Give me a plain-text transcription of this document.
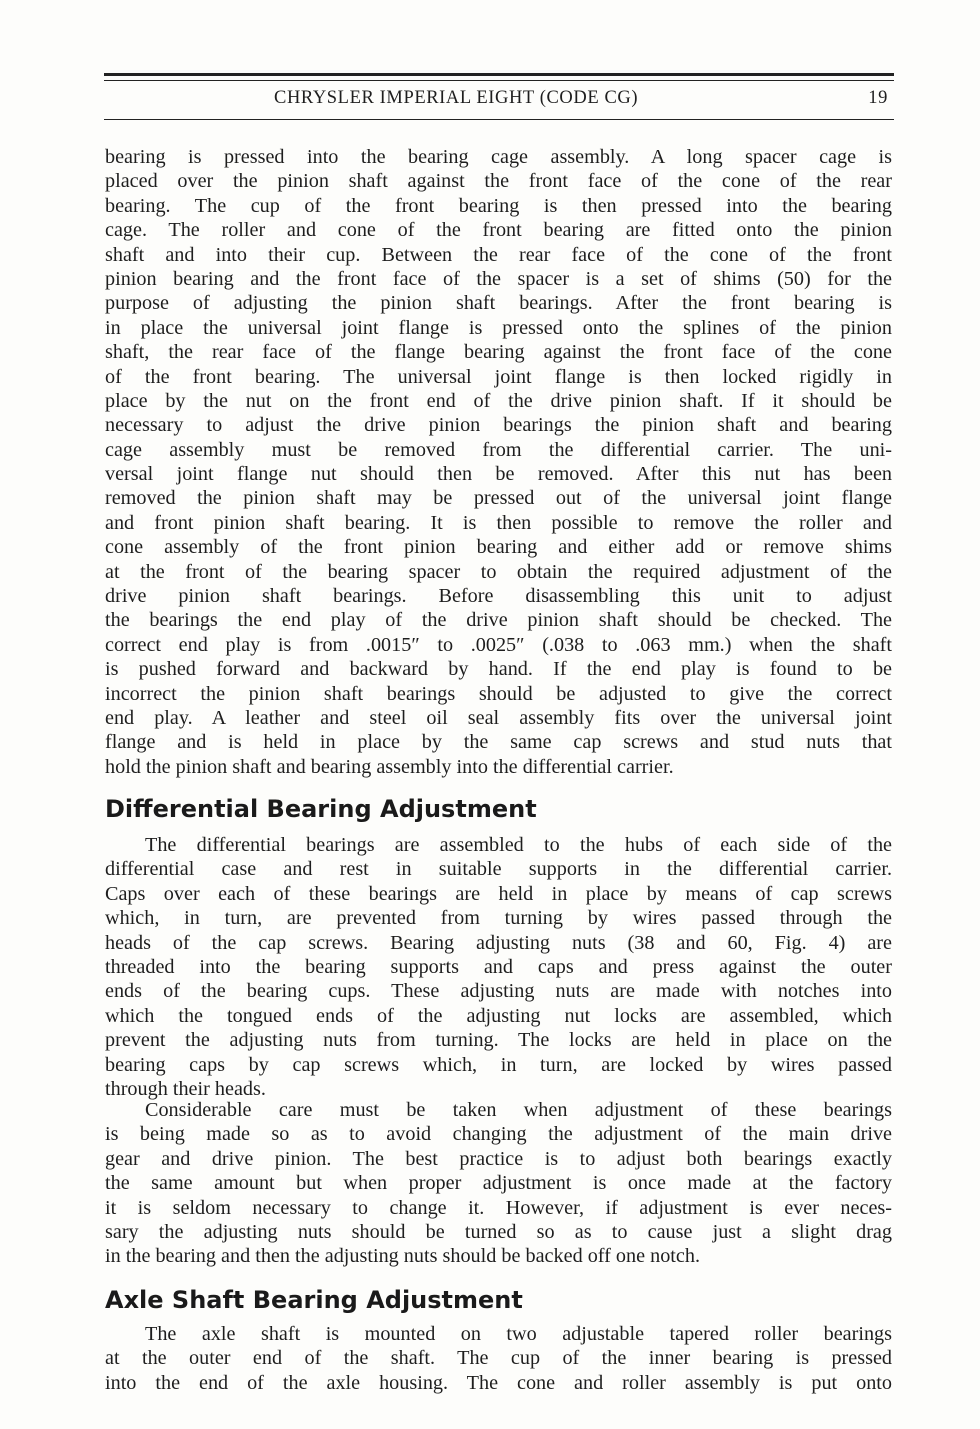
CHRYSLER IMPERIAL EIGHT (CODE CG)	19
bearing is pressed into the bearing cage assembly. A long spacer cage is
placed over the pinion shaft against the front face of the cone of the rear
bearing. The cup of the front bearing is then pressed into the bearing
cage. The roller and cone of the front bearing are fitted onto the pinion
shaft and into their cup. Between the rear face of the cone of the front
pinion bearing and the front face of the spacer is a set of shims (50) for the
purpose of adjusting the pinion shaft bearings. After the front bearing is
in place the universal joint flange is pressed onto the splines of the pinion
shaft, the rear face of the flange bearing against the front face of the cone
of the front bearing. The universal joint flange is then locked rigidly in
place by the nut on the front end of the drive pinion shaft. If it should be
necessary to adjust the drive pinion bearings the pinion shaft and bearing
cage assembly must be removed from the differential carrier. The uni-
versal joint flange nut should then be removed. After this nut has been
removed the pinion shaft may be pressed out of the universal joint flange
and front pinion shaft bearing. It is then possible to remove the roller and
cone assembly of the front pinion bearing and either add or remove shims
at the front of the bearing spacer to obtain the required adjustment of the
drive pinion shaft bearings. Before disassembling this unit to adjust
the bearings the end play of the drive pinion shaft should be checked. The
correct end play is from .0015″ to .0025″ (.038 to .063 mm.) when the shaft
is pushed forward and backward by hand. If the end play is found to be
incorrect the pinion shaft bearings should be adjusted to give the correct
end play. A leather and steel oil seal assembly fits over the universal joint
flange and is held in place by the same cap screws and stud nuts that
hold the pinion shaft and bearing assembly into the differential carrier.
Differential Bearing Adjustment
The differential bearings are assembled to the hubs of each side of the
differential case and rest in suitable supports in the differential carrier.
Caps over each of these bearings are held in place by means of cap screws
which, in turn, are prevented from turning by wires passed through the
heads of the cap screws. Bearing adjusting nuts (38 and 60, Fig. 4) are
threaded into the bearing supports and caps and press against the outer
ends of the bearing cups. These adjusting nuts are made with notches into
which the tongued ends of the adjusting nut locks are assembled, which
prevent the adjusting nuts from turning. The locks are held in place on the
bearing caps by cap screws which, in turn, are locked by wires passed
through their heads.
Considerable care must be taken when adjustment of these bearings
is being made so as to avoid changing the adjustment of the main drive
gear and drive pinion. The best practice is to adjust both bearings exactly
the same amount but when proper adjustment is once made at the factory
it is seldom necessary to change it. However, if adjustment is ever neces-
sary the adjusting nuts should be turned so as to cause just a slight drag
in the bearing and then the adjusting nuts should be backed off one notch.
Axle Shaft Bearing Adjustment
The axle shaft is mounted on two adjustable tapered roller bearings
at the outer end of the shaft. The cup of the inner bearing is pressed
into the end of the axle housing. The cone and roller assembly is put onto
